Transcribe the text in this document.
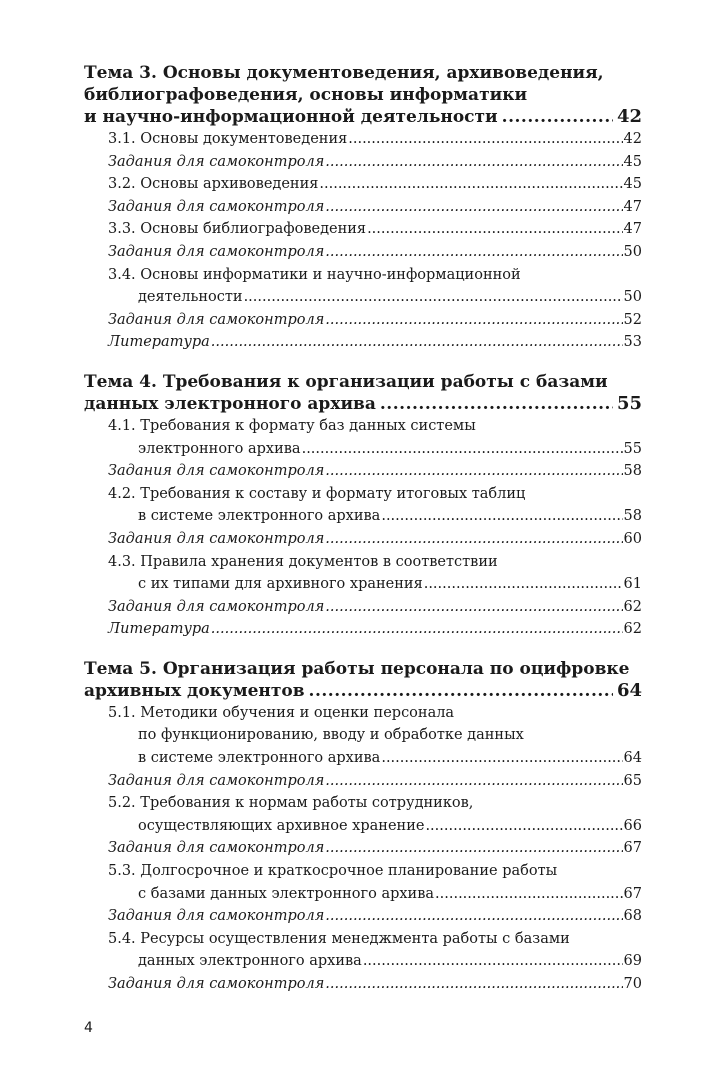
Тема 3. Основы документоведения, архивоведения,
библиографоведения, основы информатики
и научно-информационной деятельности .....	42
3.1. Основы документоведения .....	42
Задания для самоконтроля .....	45
3.2. Основы архивоведения .....	45
Задания для самоконтроля .....	47
3.3. Основы библиографоведения .....	47
Задания для самоконтроля .....	50
3.4. Основы информатики и научно-информационной
деятельности .....	50
Задания для самоконтроля .....	52
Литература .....	53
Тема 4. Требования к организации работы с базами
данных электронного архива .....	55
4.1. Требования к формату баз данных системы
электронного архива .....	55
Задания для самоконтроля .....	58
4.2. Требования к составу и формату итоговых таблиц
в системе электронного архива .....	58
Задания для самоконтроля .....	60
4.3. Правила хранения документов в соответствии
с их типами для архивного хранения .....	61
Задания для самоконтроля .....	62
Литература .....	62
Тема 5. Организация работы персонала по оцифровке
архивных документов .....	64
5.1. Методики обучения и оценки персонала
по функционированию, вводу и обработке данных
в системе электронного архива .....	64
Задания для самоконтроля .....	65
5.2. Требования к нормам работы сотрудников,
осуществляющих архивное хранение .....	66
Задания для самоконтроля .....	67
5.3. Долгосрочное и краткосрочное планирование работы
с базами данных электронного архива .....	67
Задания для самоконтроля .....	68
5.4. Ресурсы осуществления менеджмента работы с базами
данных электронного архива .....	69
Задания для самоконтроля .....	70
4
